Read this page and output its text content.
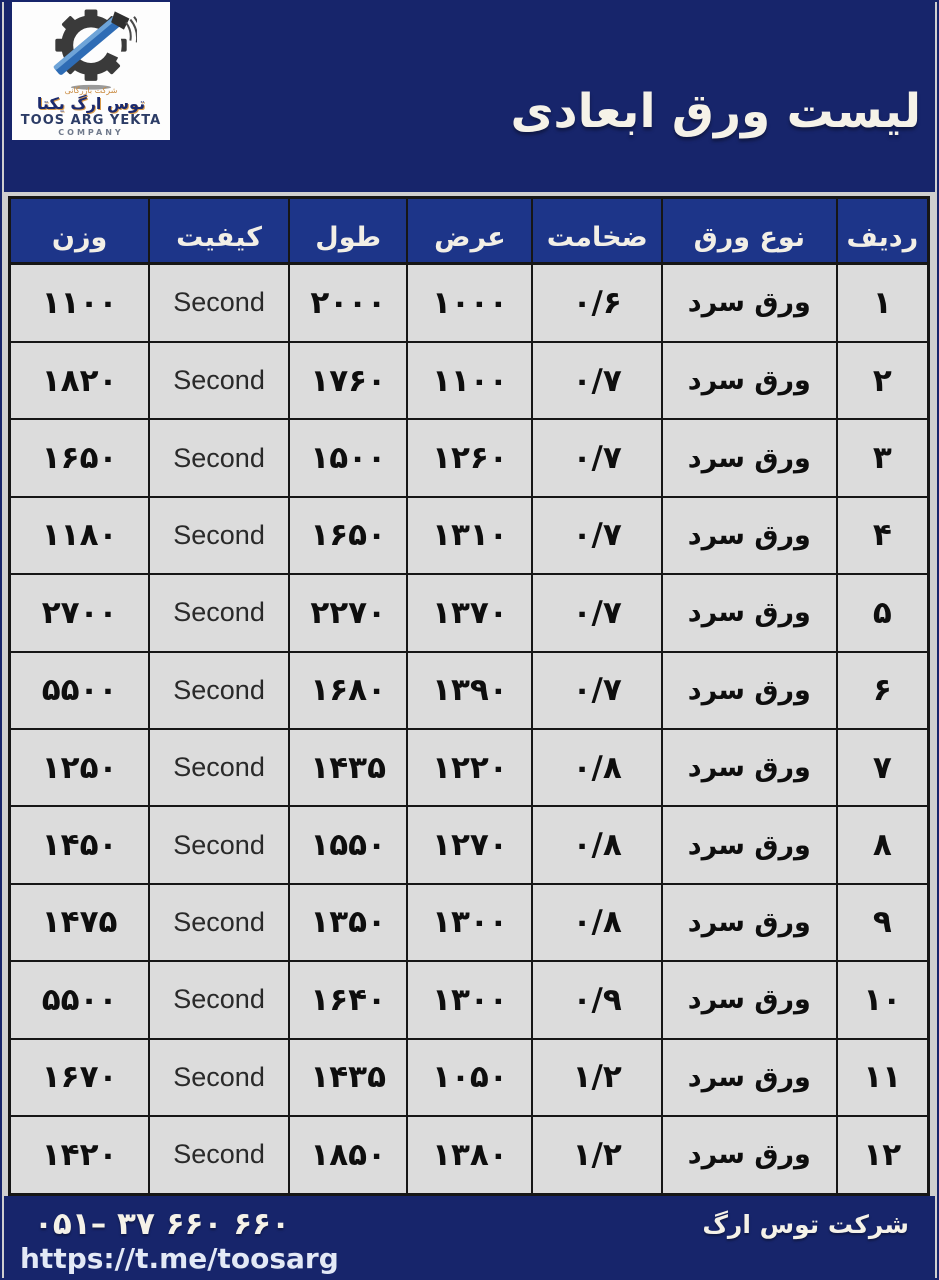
شرکت بازرگانی
توس ارگ یکتا
TOOS ARG YEKTA
COMPANY	لیست ورق ابعادی
ردیف	نوع ورق	ضخامت	عرض	طول	کیفیت	وزن
۱	ورق سرد	۰/۶	۱۰۰۰	۲۰۰۰	Second	۱۱۰۰
۲	ورق سرد	۰/۷	۱۱۰۰	۱۷۶۰	Second	۱۸۲۰
۳	ورق سرد	۰/۷	۱۲۶۰	۱۵۰۰	Second	۱۶۵۰
۴	ورق سرد	۰/۷	۱۳۱۰	۱۶۵۰	Second	۱۱۸۰
۵	ورق سرد	۰/۷	۱۳۷۰	۲۲۷۰	Second	۲۷۰۰
۶	ورق سرد	۰/۷	۱۳۹۰	۱۶۸۰	Second	۵۵۰۰
۷	ورق سرد	۰/۸	۱۲۲۰	۱۴۳۵	Second	۱۲۵۰
۸	ورق سرد	۰/۸	۱۲۷۰	۱۵۵۰	Second	۱۴۵۰
۹	ورق سرد	۰/۸	۱۳۰۰	۱۳۵۰	Second	۱۴۷۵
۱۰	ورق سرد	۰/۹	۱۳۰۰	۱۶۴۰	Second	۵۵۰۰
۱۱	ورق سرد	۱/۲	۱۰۵۰	۱۴۳۵	Second	۱۶۷۰
۱۲	ورق سرد	۱/۲	۱۳۸۰	۱۸۵۰	Second	۱۴۲۰
۰۵۱– ۳۷ ۶۶۰ ۶۶۰	شرکت توس ارگ
https://t.me/toosarg
